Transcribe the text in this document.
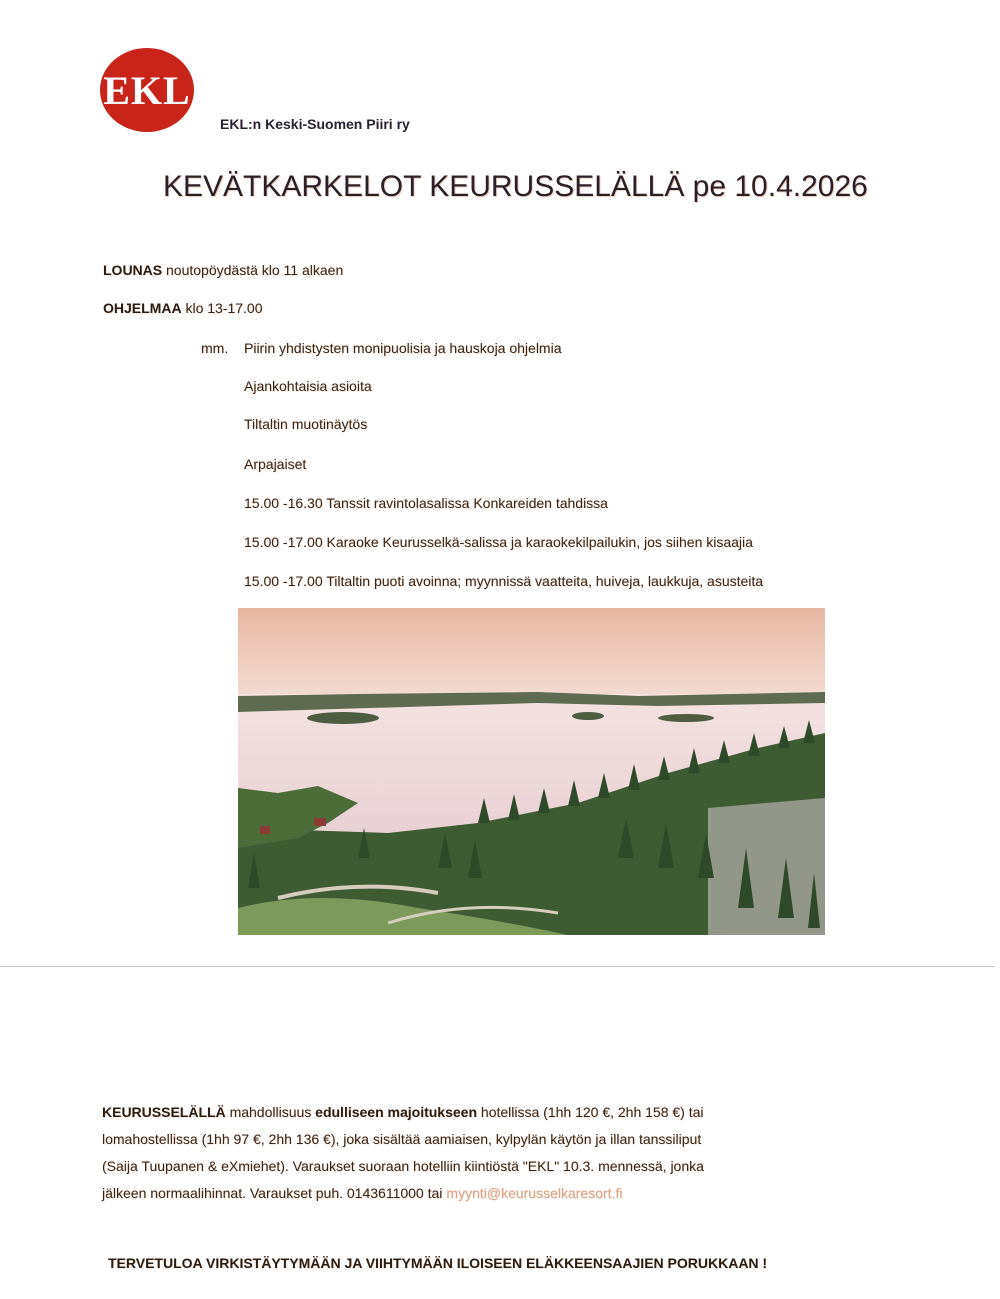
EKL
EKL:n Keski-Suomen Piiri ry
KEVÄTKARKELOT KEURUSSELÄLLÄ pe 10.4.2026
LOUNAS noutopöydästä klo 11 alkaen
OHJELMAA klo 13-17.00
mm. Piirin yhdistysten monipuolisia ja hauskoja ohjelmia
Ajankohtaisia asioita
Tiltaltin muotinäytös
Arpajaiset
15.00 -16.30 Tanssit ravintolasalissa Konkareiden tahdissa
15.00 -17.00 Karaoke Keurusselkä-salissa ja karaokekilpailukin, jos siihen kisaajia
15.00 -17.00 Tiltaltin puoti avoinna; myynnissä vaatteita, huiveja, laukkuja, asusteita
KEURUSSELÄLLÄ mahdollisuus edulliseen majoitukseen hotellissa (1hh 120 €, 2hh 158 €) tai
lomahostellissa (1hh 97 €, 2hh 136 €), joka sisältää aamiaisen, kylpylän käytön ja illan tanssiliput
(Saija Tuupanen & eXmiehet). Varaukset suoraan hotelliin kiintiöstä "EKL" 10.3. mennessä, jonka
jälkeen normaalihinnat. Varaukset puh. 0143611000 tai myynti@keurusselkaresort.fi
TERVETULOA VIRKISTÄYTYMÄÄN JA VIIHTYMÄÄN ILOISEEN ELÄKKEENSAAJIEN PORUKKAAN !
